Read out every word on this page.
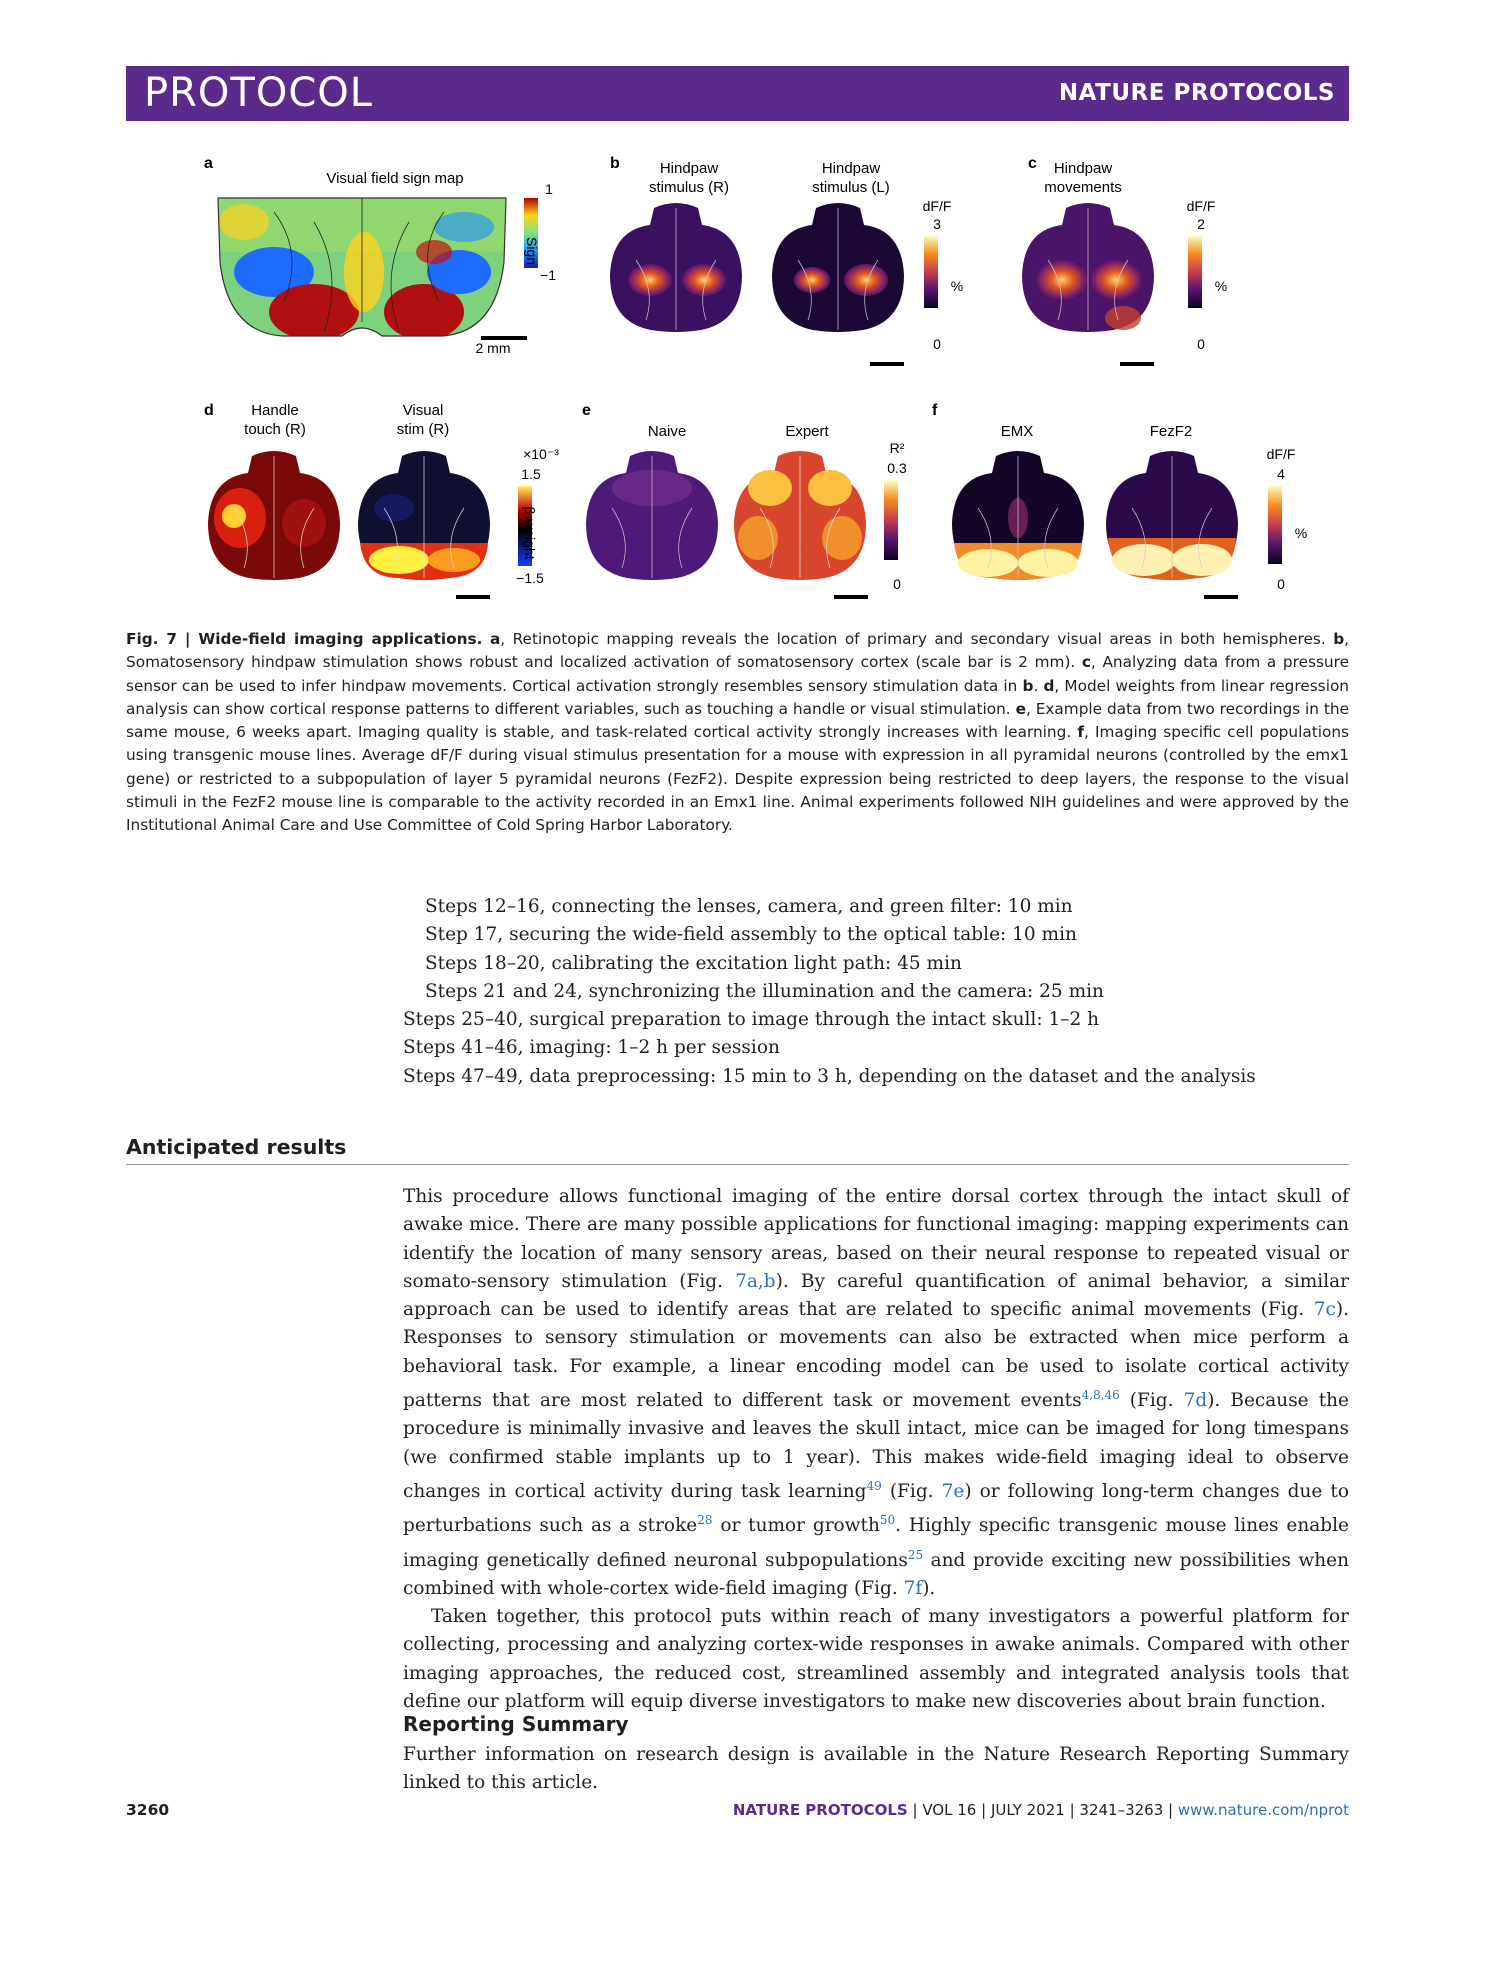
PROTOCOL	NATURE PROTOCOLS
a
Visual field sign map
1
−1
Sign
2 mm
b	Hindpaw
stimulus (R)
Hindpaw
stimulus (L)
dF/F
3
%
0
c	Hindpaw
movements
dF/F
2
%
0
d	Handle
touch (R)
Visual
stim (R)
×10⁻³
1.5
β-weight
−1.5
e
Naive	Expert
R²
0.3
0
f
EMX	FezF2
dF/F
4
%
0
Fig. 7 | Wide-field imaging applications. a, Retinotopic mapping reveals the location of primary and secondary visual areas in both hemispheres. b, Somatosensory hindpaw stimulation shows robust and localized activation of somatosensory cortex (scale bar is 2 mm). c, Analyzing data from a pressure sensor can be used to infer hindpaw movements. Cortical activation strongly resembles sensory stimulation data in b. d, Model weights from linear regression analysis can show cortical response patterns to different variables, such as touching a handle or visual stimulation. e, Example data from two recordings in the same mouse, 6 weeks apart. Imaging quality is stable, and task-related cortical activity strongly increases with learning. f, Imaging specific cell populations using transgenic mouse lines. Average dF/F during visual stimulus presentation for a mouse with expression in all pyramidal neurons (controlled by the emx1 gene) or restricted to a subpopulation of layer 5 pyramidal neurons (FezF2). Despite expression being restricted to deep layers, the response to the visual stimuli in the FezF2 mouse line is comparable to the activity recorded in an Emx1 line. Animal experiments followed NIH guidelines and were approved by the Institutional Animal Care and Use Committee of Cold Spring Harbor Laboratory.
Steps 12–16, connecting the lenses, camera, and green filter: 10 min
Step 17, securing the wide-field assembly to the optical table: 10 min
Steps 18–20, calibrating the excitation light path: 45 min
Steps 21 and 24, synchronizing the illumination and the camera: 25 min
Steps 25–40, surgical preparation to image through the intact skull: 1–2 h
Steps 41–46, imaging: 1–2 h per session
Steps 47–49, data preprocessing: 15 min to 3 h, depending on the dataset and the analysis
Anticipated results

This procedure allows functional imaging of the entire dorsal cortex through the intact skull of awake mice. There are many possible applications for functional imaging: mapping experiments can identify the location of many sensory areas, based on their neural response to repeated visual or somato-sensory stimulation (Fig. 7a,b). By careful quantification of animal behavior, a similar approach can be used to identify areas that are related to specific animal movements (Fig. 7c). Responses to sensory stimulation or movements can also be extracted when mice perform a behavioral task. For example, a linear encoding model can be used to isolate cortical activity patterns that are most related to different task or movement events$^{4,8,46}$ (Fig. 7d). Because the procedure is minimally invasive and leaves the skull intact, mice can be imaged for long timespans (we confirmed stable implants up to 1 year). This makes wide-field imaging ideal to observe changes in cortical activity during task learning$^{49}$ (Fig. 7e) or following long-term changes due to perturbations such as a stroke$^{28}$ or tumor growth$^{50}$. Highly specific transgenic mouse lines enable imaging genetically defined neuronal subpopulations$^{25}$ and provide exciting new possibilities when combined with whole-cortex wide-field imaging (Fig. 7f).

Taken together, this protocol puts within reach of many investigators a powerful platform for collecting, processing and analyzing cortex-wide responses in awake animals. Compared with other imaging approaches, the reduced cost, streamlined assembly and integrated analysis tools that define our platform will equip diverse investigators to make new discoveries about brain function.

Reporting Summary
Further information on research design is available in the Nature Research Reporting Summary linked to this article.
3260	NATURE PROTOCOLS | VOL 16 | JULY 2021 | 3241–3263 | www.nature.com/nprot
